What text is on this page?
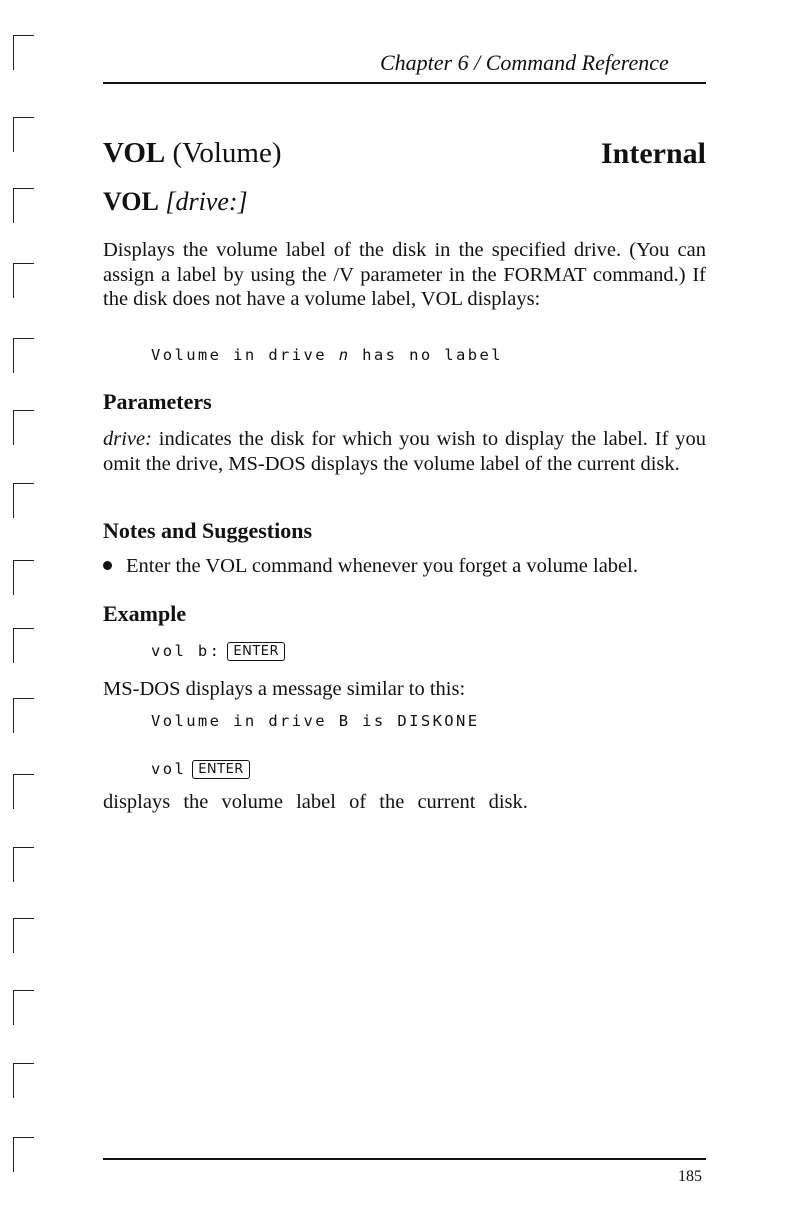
Chapter 6 / Command Reference
VOL (Volume)	Internal
VOL [drive:]
Displays the volume label of the disk in the specified drive. (You can assign a label by using the /V parameter in the FORMAT command.) If the disk does not have a volume label, VOL displays:
Volume in drive n has no label
Parameters
drive: indicates the disk for which you wish to display the label. If you omit the drive, MS-DOS displays the volume label of the current disk.
Notes and Suggestions
Enter the VOL command whenever you forget a volume label.
Example
vol b: ENTER
MS-DOS displays a message similar to this:
Volume in drive B is DISKONE
vol ENTER
displays the volume label of the current disk.
185
